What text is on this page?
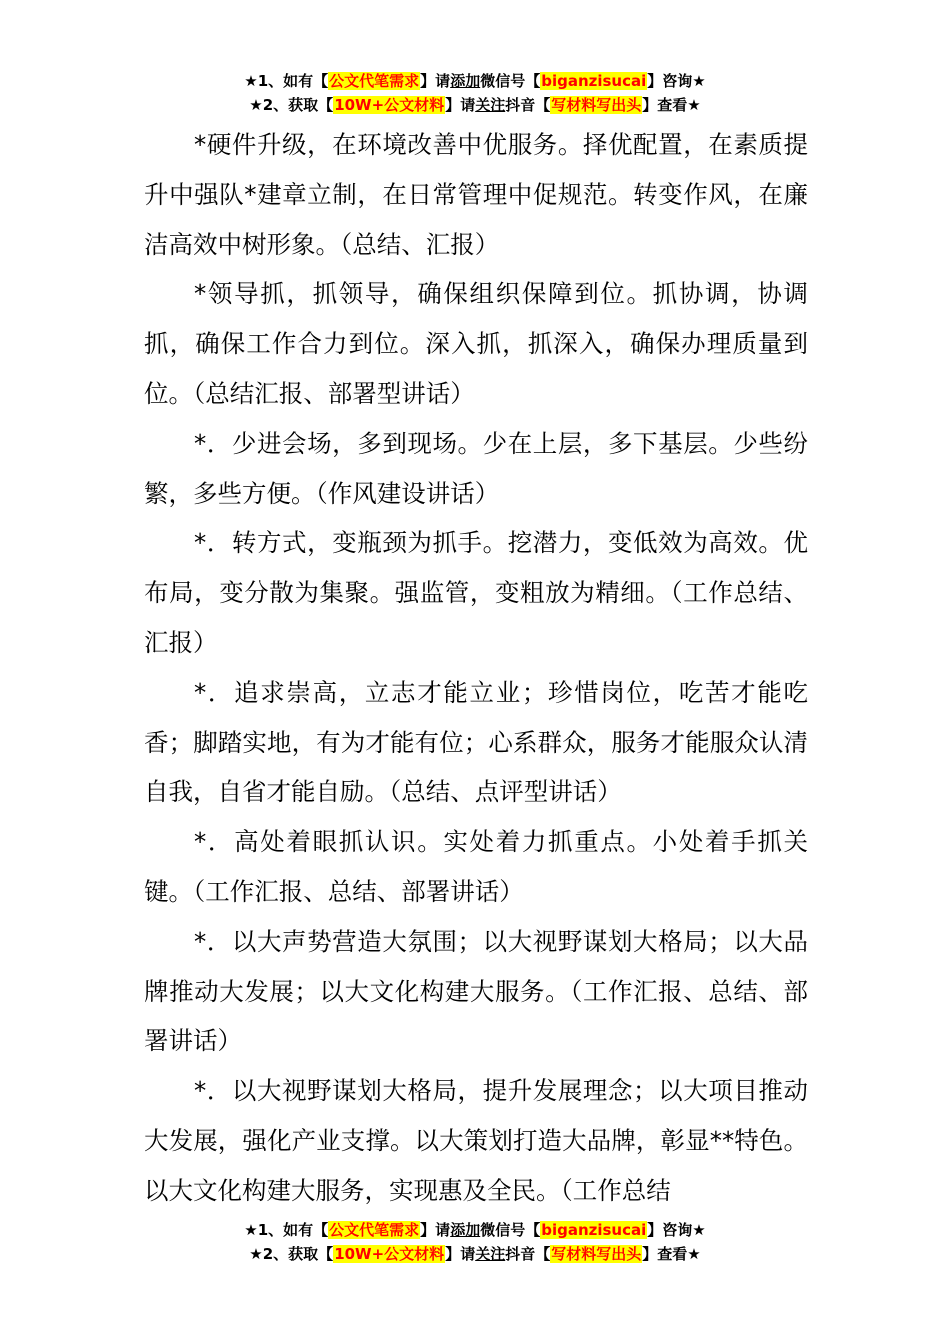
★1、如有【公文代笔需求】请添加微信号【biganzisucai】咨询★
★2、获取【10W+公文材料】请关注抖音【写材料写出头】查看★

*硬件升级，在环境改善中优服务。择优配置，在素质提升中强队*建章立制，在日常管理中促规范。转变作风，在廉洁高效中树形象。（总结、汇报）

*领导抓，抓领导，确保组织保障到位。抓协调，协调抓，确保工作合力到位。深入抓，抓深入，确保办理质量到位。（总结汇报、部署型讲话）

*．少进会场，多到现场。少在上层，多下基层。少些纷繁，多些方便。（作风建设讲话）

*．转方式，变瓶颈为抓手。挖潜力，变低效为高效。优布局，变分散为集聚。强监管，变粗放为精细。（工作总结、汇报）

*．追求崇高，立志才能立业；珍惜岗位，吃苦才能吃香；脚踏实地，有为才能有位；心系群众，服务才能服众认清自我，自省才能自励。（总结、点评型讲话）

*．高处着眼抓认识。实处着力抓重点。小处着手抓关键。（工作汇报、总结、部署讲话）

*．以大声势营造大氛围；以大视野谋划大格局；以大品牌推动大发展；以大文化构建大服务。（工作汇报、总结、部署讲话）

*．以大视野谋划大格局，提升发展理念；以大项目推动大发展，强化产业支撑。以大策划打造大品牌，彰显**特色。以大文化构建大服务，实现惠及全民。（工作总结

★1、如有【公文代笔需求】请添加微信号【biganzisucai】咨询★
★2、获取【10W+公文材料】请关注抖音【写材料写出头】查看★
